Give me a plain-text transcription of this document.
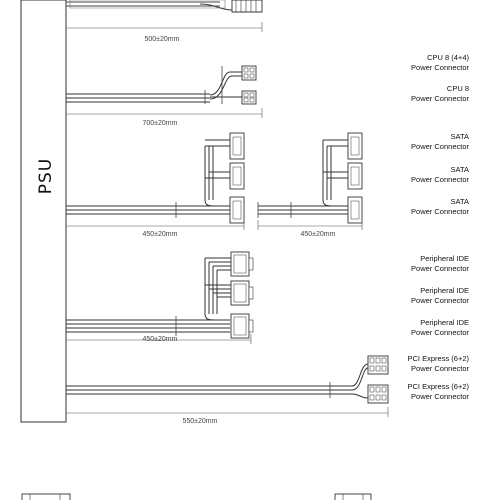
PSU
500±20mm
700±20mm
450±20mm	450±20mm
450±20mm
550±20mm
CPU 8 (4+4)
Power Connector
CPU 8
Power Connector
SATA
Power Connector
SATA
Power Connector
SATA
Power Connector
Peripheral IDE
Power Connector
Peripheral IDE
Power Connector
Peripheral IDE
Power Connector
PCI Express (6+2)
Power Connector
PCI Express (6+2)
Power Connector
